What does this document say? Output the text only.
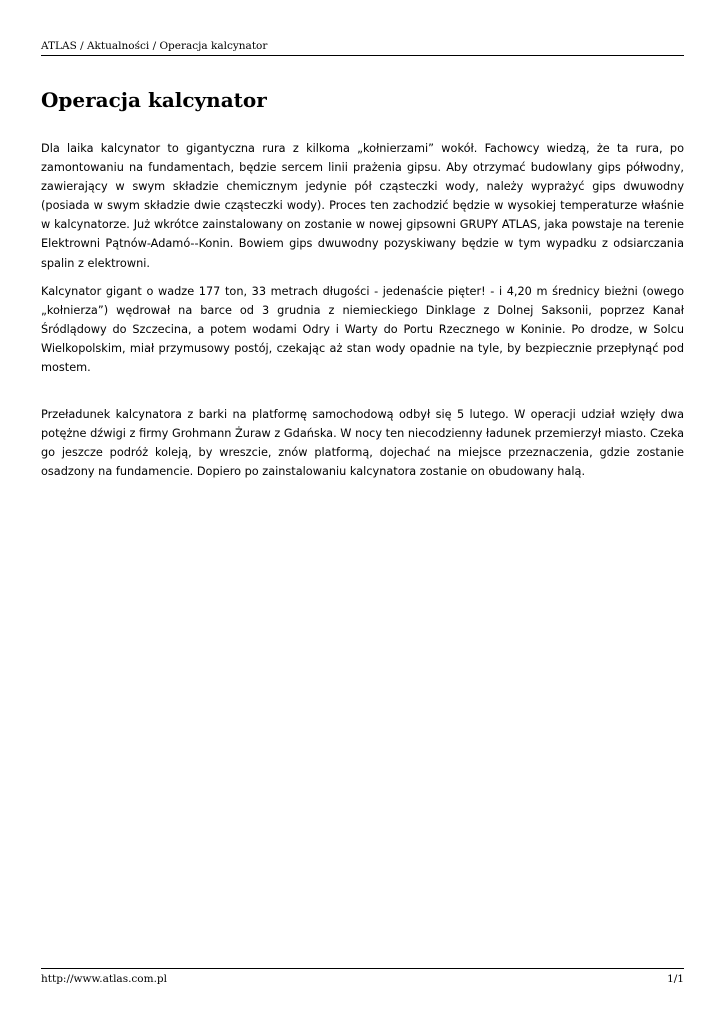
ATLAS / Aktualności / Operacja kalcynator
Operacja kalcynator

Dla laika kalcynator to gigantyczna rura z kilkoma „kołnierzami” wokół. Fachowcy wiedzą, że ta rura, po zamontowaniu na fundamentach, będzie sercem linii prażenia gipsu. Aby otrzymać budowlany gips półwodny, zawierający w swym składzie chemicznym jedynie pół cząsteczki wody, należy wyprażyć gips dwuwodny (posiada w swym składzie dwie cząsteczki wody). Proces ten zachodzić będzie w wysokiej temperaturze właśnie w kalcynatorze. Już wkrótce zainstalowany on zostanie w nowej gipsowni GRUPY ATLAS, jaka powstaje na terenie Elektrowni Pątnów-Adamó--Konin. Bowiem gips dwuwodny pozyskiwany będzie w tym wypadku z odsiarczania spalin z elektrowni.

Kalcynator gigant o wadze 177 ton, 33 metrach długości - jedenaście pięter! - i 4,20 m średnicy bieżni (owego „kołnierza”) wędrował na barce od 3 grudnia z niemieckiego Dinklage z Dolnej Saksonii, poprzez Kanał Śródlądowy do Szczecina, a potem wodami Odry i Warty do Portu Rzecznego w Koninie. Po drodze, w Solcu Wielkopolskim, miał przymusowy postój, czekając aż stan wody opadnie na tyle, by bezpiecznie przepłynąć pod mostem.

Przeładunek kalcynatora z barki na platformę samochodową odbył się 5 lutego. W operacji udział wzięły dwa potężne dźwigi z firmy Grohmann Żuraw z Gdańska. W nocy ten niecodzienny ładunek przemierzył miasto. Czeka go jeszcze podróż koleją, by wreszcie, znów platformą, dojechać na miejsce przeznaczenia, gdzie zostanie osadzony na fundamencie. Dopiero po zainstalowaniu kalcynatora zostanie on obudowany halą.

http://www.atlas.com.pl	1/1
